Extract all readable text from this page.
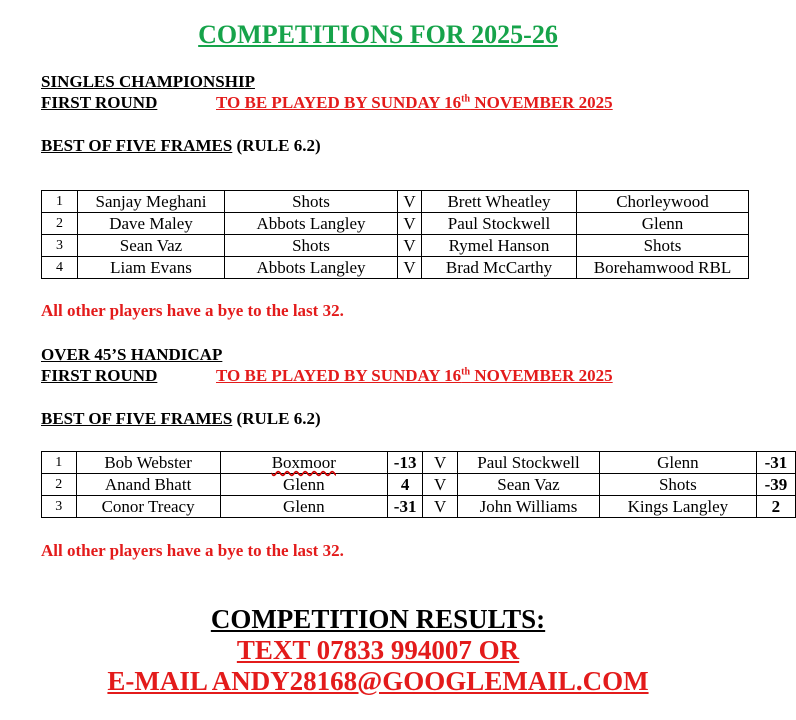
COMPETITIONS FOR 2025-26
SINGLES CHAMPIONSHIP
FIRST ROUND	TO BE PLAYED BY SUNDAY 16th NOVEMBER 2025
BEST OF FIVE FRAMES (RULE 6.2)
1	Sanjay Meghani	Shots	V	Brett Wheatley	Chorleywood
2	Dave Maley	Abbots Langley	V	Paul Stockwell	Glenn
3	Sean Vaz	Shots	V	Rymel Hanson	Shots
4	Liam Evans	Abbots Langley	V	Brad McCarthy	Borehamwood RBL
All other players have a bye to the last 32.
OVER 45’S HANDICAP
FIRST ROUND	TO BE PLAYED BY SUNDAY 16th NOVEMBER 2025
BEST OF FIVE FRAMES (RULE 6.2)
1	Bob Webster	Boxmoor	-13	V	Paul Stockwell	Glenn	-31
2	Anand Bhatt	Glenn	4	V	Sean Vaz	Shots	-39
3	Conor Treacy	Glenn	-31	V	John Williams	Kings Langley	2
All other players have a bye to the last 32.
COMPETITION RESULTS:
TEXT 07833 994007 OR
E-MAIL ANDY28168@GOOGLEMAIL.COM
